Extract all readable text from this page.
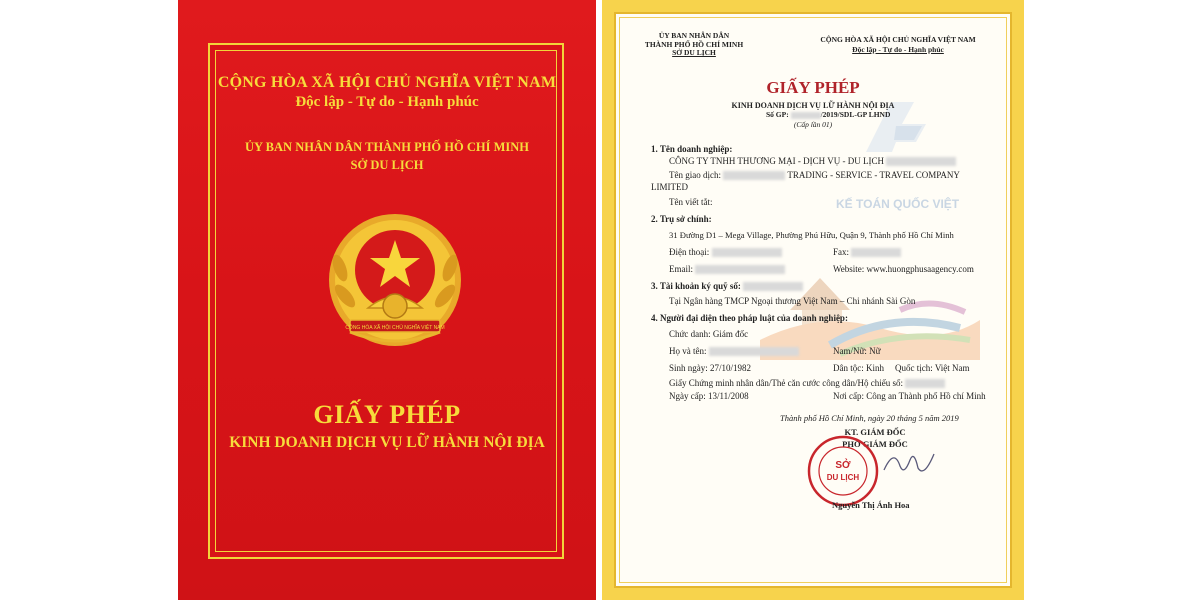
CỘNG HÒA XÃ HỘI CHỦ NGHĨA VIỆT NAM
Độc lập - Tự do - Hạnh phúc
ỦY BAN NHÂN DÂN THÀNH PHỐ HỒ CHÍ MINH
SỞ DU LỊCH
CỘNG HÒA XÃ HỘI CHỦ NGHĨA VIỆT NAM
GIẤY PHÉP
KINH DOANH DỊCH VỤ LỮ HÀNH NỘI ĐỊA
KẾ TOÁN QUỐC VIỆT
ỦY BAN NHÂN DÂN
THÀNH PHỐ HỒ CHÍ MINH
SỞ DU LỊCH
CỘNG HÒA XÃ HỘI CHỦ NGHĨA VIỆT NAM
Độc lập - Tự do - Hạnh phúc
GIẤY PHÉP
KINH DOANH DỊCH VỤ LỮ HÀNH NỘI ĐỊA
Số GP:	/2019/SDL-GP LHND
(Cấp lần 01)
1. Tên doanh nghiệp:
CÔNG TY TNHH THƯƠNG MẠI - DỊCH VỤ - DU LỊCH
Tên giao dịch:	TRADING - SERVICE - TRAVEL COMPANY
LIMITED
Tên viết tắt:
2. Trụ sở chính:
31 Đường D1 – Mega Village, Phường Phú Hữu, Quận 9, Thành phố Hồ Chí Minh
Điện thoại:	Fax:
Email:	Website: www.huongphusaagency.com
3. Tài khoản ký quỹ số:
Tại Ngân hàng TMCP Ngoại thương Việt Nam – Chi nhánh Sài Gòn
4. Người đại diện theo pháp luật của doanh nghiệp:
Chức danh: Giám đốc
Họ và tên:	Nam/Nữ: Nữ
Sinh ngày: 27/10/1982	Dân tộc: Kinh Quốc tịch: Việt Nam
Giấy Chứng minh nhân dân/Thẻ căn cước công dân/Hộ chiếu số:
Ngày cấp: 13/11/2008	Nơi cấp: Công an Thành phố Hồ chí Minh
Thành phố Hồ Chí Minh, ngày 20 tháng 5 năm 2019
KT. GIÁM ĐỐC
PHÓ GIÁM ĐỐC
SỞ
DU LỊCH
Nguyễn Thị Ánh Hoa
